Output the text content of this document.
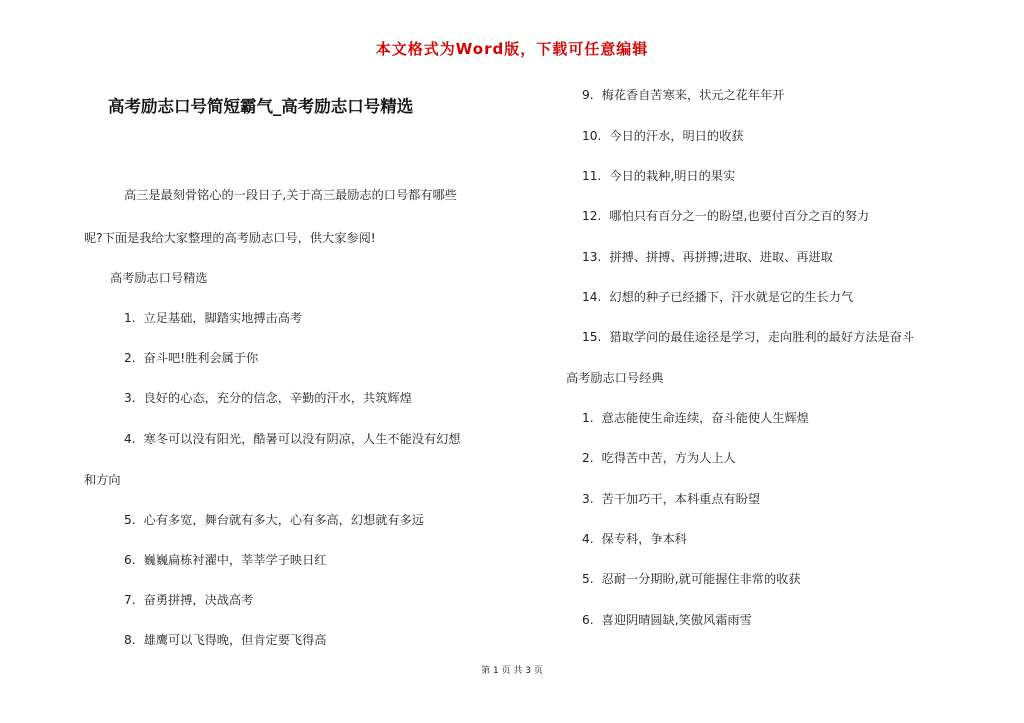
本文格式为Word版，下载可任意编辑
高考励志口号简短霸气_高考励志口号精选
高三是最刻骨铭心的一段日子,关于高三最励志的口号都有哪些
呢?下面是我给大家整理的高考励志口号，供大家参阅!
高考励志口号精选
1. 立足基础，脚踏实地搏击高考
2. 奋斗吧!胜利会属于你
3. 良好的心态，充分的信念，辛勤的汗水，共筑辉煌
4. 寒冬可以没有阳光，酷暑可以没有阴凉，人生不能没有幻想
和方向
5. 心有多宽，舞台就有多大，心有多高，幻想就有多远
6. 巍巍扁栋衬濯中，莘莘学子映日红
7. 奋勇拼搏，决战高考
8. 雄鹰可以飞得晚，但肯定要飞得高
9. 梅花香自苦寒来，状元之花年年开
10. 今日的汗水，明日的收获
11. 今日的栽种,明日的果实
12. 哪怕只有百分之一的盼望,也要付百分之百的努力
13. 拼搏、拼搏、再拼搏;进取、进取、再进取
14. 幻想的种子已经播下，汗水就是它的生长力气
15. 猎取学问的最佳途径是学习，走向胜利的最好方法是奋斗
高考励志口号经典
1. 意志能使生命连续，奋斗能使人生辉煌
2. 吃得苦中苦，方为人上人
3. 苦干加巧干，本科重点有盼望
4. 保专科，争本科
5. 忍耐一分期盼,就可能握住非常的收获
6. 喜迎阴晴圆缺,笑傲风霜雨雪
第 1 页 共 3 页
